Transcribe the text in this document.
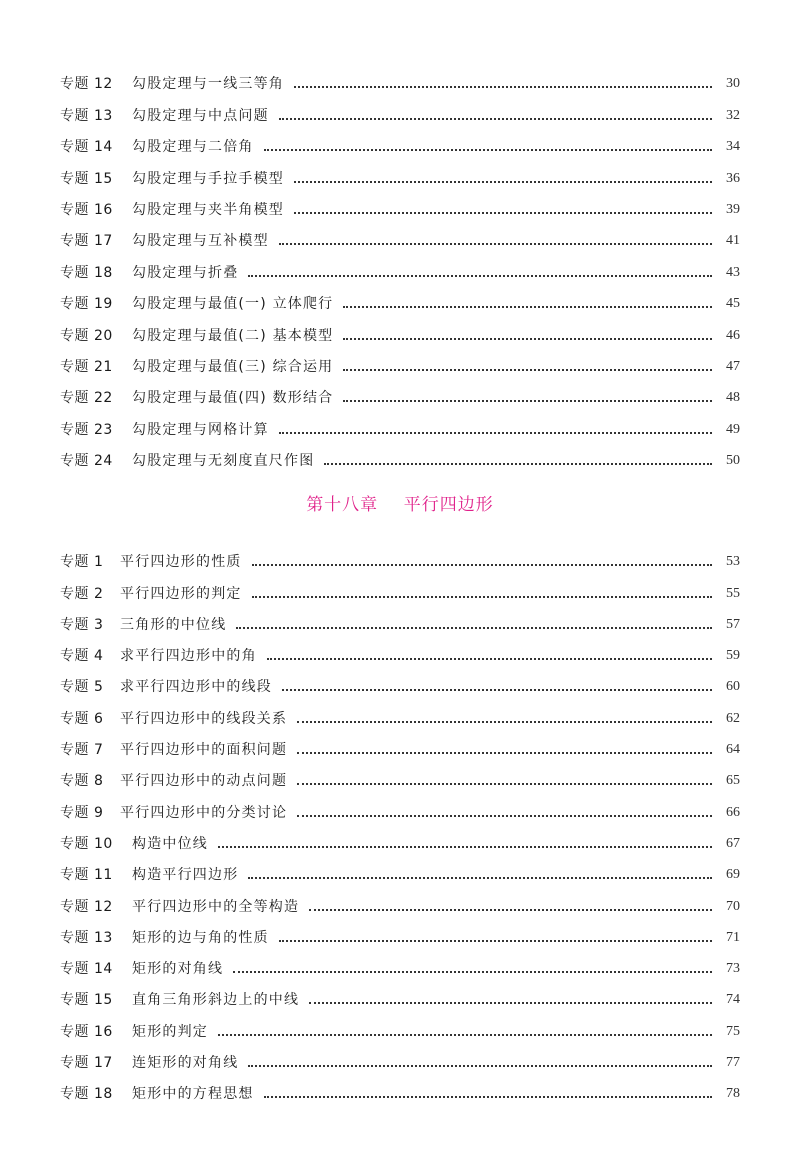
专题 12	勾股定理与一线三等角	30
专题 13	勾股定理与中点问题	32
专题 14	勾股定理与二倍角	34
专题 15	勾股定理与手拉手模型	36
专题 16	勾股定理与夹半角模型	39
专题 17	勾股定理与互补模型	41
专题 18	勾股定理与折叠	43
专题 19	勾股定理与最值(一) 立体爬行	45
专题 20	勾股定理与最值(二) 基本模型	46
专题 21	勾股定理与最值(三) 综合运用	47
专题 22	勾股定理与最值(四) 数形结合	48
专题 23	勾股定理与网格计算	49
专题 24	勾股定理与无刻度直尺作图	50
第十八章    平行四边形
专题 1	平行四边形的性质	53
专题 2	平行四边形的判定	55
专题 3	三角形的中位线	57
专题 4	求平行四边形中的角	59
专题 5	求平行四边形中的线段	60
专题 6	平行四边形中的线段关系	62
专题 7	平行四边形中的面积问题	64
专题 8	平行四边形中的动点问题	65
专题 9	平行四边形中的分类讨论	66
专题 10	构造中位线	67
专题 11	构造平行四边形	69
专题 12	平行四边形中的全等构造	70
专题 13	矩形的边与角的性质	71
专题 14	矩形的对角线	73
专题 15	直角三角形斜边上的中线	74
专题 16	矩形的判定	75
专题 17	连矩形的对角线	77
专题 18	矩形中的方程思想	78
